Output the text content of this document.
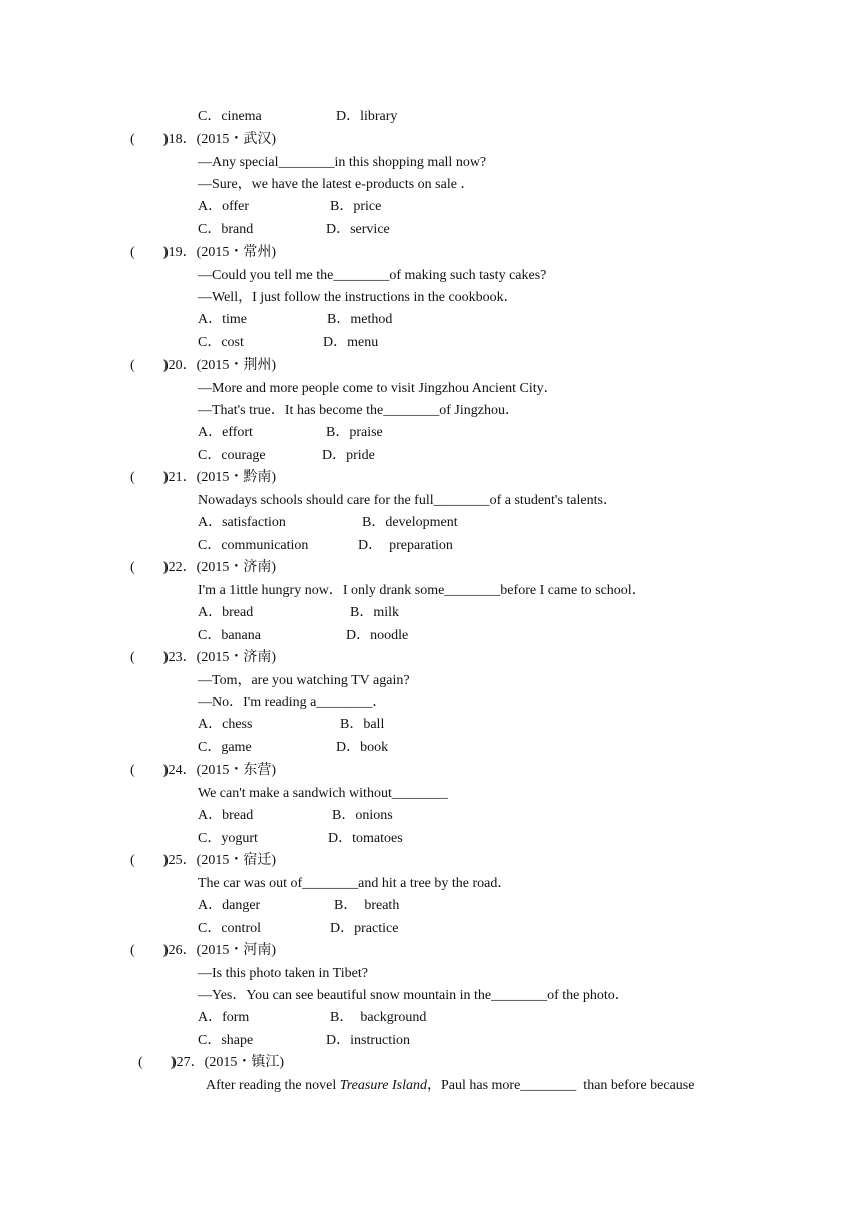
(　　)
)18．(2015・武汉)
—Any special________in this shopping mall now?
—Sure，we have the latest e-products on sale ．
A．offer	B．price
C．brand	D．service
(　　)
)19．(2015・常州)
—Could you tell me the________of making such tasty cakes?
—Well，I just follow the instructions in the cookbook．
A．time	B．method
C．cost	D．menu
(　　)
)20．(2015・荆州)
—More and more people come to visit Jingzhou Ancient City．
—That's true．It has become the________of Jingzhou．
A．effort	B．praise
C．courage	D．pride
(　　)
)21．(2015・黔南)
Nowadays schools should care for the full________of a student's talents．
A．satisfaction	B．development
C．communication	D．  preparation
(　　)
)22．(2015・济南)
I'm a 1ittle hungry now．I only drank some________before I came to school．
A．bread	B．milk
C．banana	D．noodle
(　　)
)23．(2015・济南)
—Tom，are you watching TV again?
—No．I'm reading a________．
A．chess	B．ball
C．game	D．book
(　　)
)24．(2015・东营)
We can't make a sandwich without________
A．bread	B．onions
C．yogurt	D．tomatoes
(　　)
)25．(2015・宿迁)
The car was out of________and hit a tree by the road．
A．danger	B．  breath
C．control	D．practice
(　　)
)26．(2015・河南)
—Is this photo taken in Tibet?
—Yes．You can see beautiful snow mountain in the________of the photo．
A．form	B．  background
C．shape	D．instruction
C．cinema	D．library
(　　)
)27．(2015・镇江)
After reading the novel Treasure Island，Paul has more________  than before because
